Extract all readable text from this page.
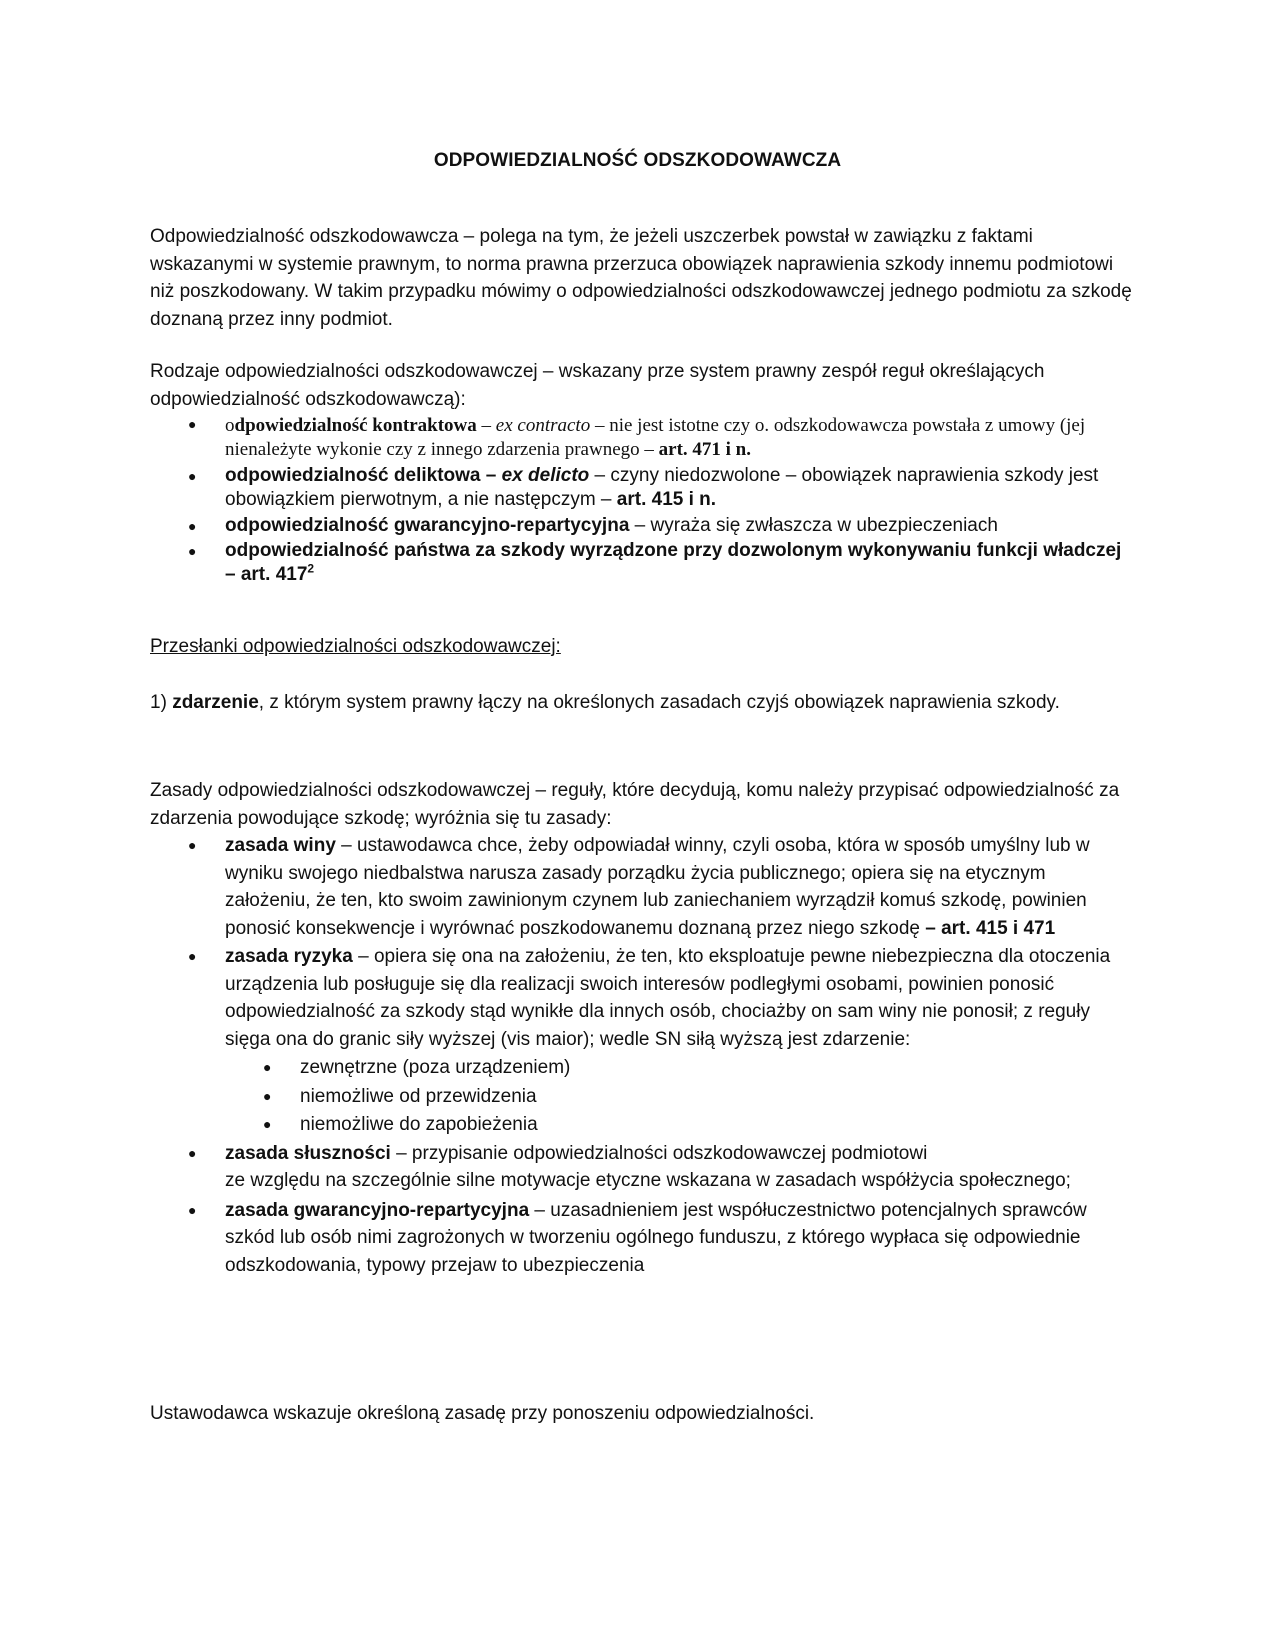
ODPOWIEDZIALNOŚĆ ODSZKODOWAWCZA

Odpowiedzialność odszkodowawcza – polega na tym, że jeżeli uszczerbek powstał w zawiązku z faktami wskazanymi w systemie prawnym, to norma prawna przerzuca obowiązek naprawienia szkody innemu podmiotowi niż poszkodowany. W takim przypadku mówimy o odpowiedzialności odszkodowawczej jednego podmiotu za szkodę doznaną przez inny podmiot.

Rodzaje odpowiedzialności odszkodowawczej – wskazany prze system prawny zespół reguł określających odpowiedzialność odszkodowawczą):

● odpowiedzialność kontraktowa – ex contracto – nie jest istotne czy o. odszkodowawcza powstała z umowy (jej nienależyte wykonie czy z innego zdarzenia prawnego – art. 471 i n.
● odpowiedzialność deliktowa – ex delicto – czyny niedozwolone – obowiązek naprawienia szkody jest obowiązkiem pierwotnym, a nie następczym – art. 415 i n.
● odpowiedzialność gwarancyjno-repartycyjna – wyraża się zwłaszcza w ubezpieczeniach
● odpowiedzialność państwa za szkody wyrządzone przy dozwolonym wykonywaniu funkcji władczej – art. $417^2$

Przesłanki odpowiedzialności odszkodowawczej:

1) zdarzenie, z którym system prawny łączy na określonych zasadach czyjś obowiązek naprawienia szkody.

Zasady odpowiedzialności odszkodowawczej – reguły, które decydują, komu należy przypisać odpowiedzialność za zdarzenia powodujące szkodę; wyróżnia się tu zasady:

● zasada winy – ustawodawca chce, żeby odpowiadał winny, czyli osoba, która w sposób umyślny lub w wyniku swojego niedbalstwa narusza zasady porządku życia publicznego; opiera się na etycznym założeniu, że ten, kto swoim zawinionym czynem lub zaniechaniem wyrządził komuś szkodę, powinien ponosić konsekwencje i wyrównać poszkodowanemu doznaną przez niego szkodę – art. 415 i 471
● zasada ryzyka – opiera się ona na założeniu, że ten, kto eksploatuje pewne niebezpieczna dla otoczenia urządzenia lub posługuje się dla realizacji swoich interesów podległymi osobami, powinien ponosić odpowiedzialność za szkody stąd wynikłe dla innych osób, chociażby on sam winy nie ponosił; z reguły sięga ona do granic siły wyższej (vis maior); wedle SN siłą wyższą jest zdarzenie:
● zewnętrzne (poza urządzeniem)
● niemożliwe od przewidzenia
● niemożliwe do zapobieżenia
● zasada słuszności – przypisanie odpowiedzialności odszkodowawczej podmiotowi
ze względu na szczególnie silne motywacje etyczne wskazana w zasadach współżycia społecznego;
● zasada gwarancyjno-repartycyjna – uzasadnieniem jest współuczestnictwo potencjalnych sprawców szkód lub osób nimi zagrożonych w tworzeniu ogólnego funduszu, z którego wypłaca się odpowiednie odszkodowania, typowy przejaw to ubezpieczenia

Ustawodawca wskazuje określoną zasadę przy ponoszeniu odpowiedzialności.
